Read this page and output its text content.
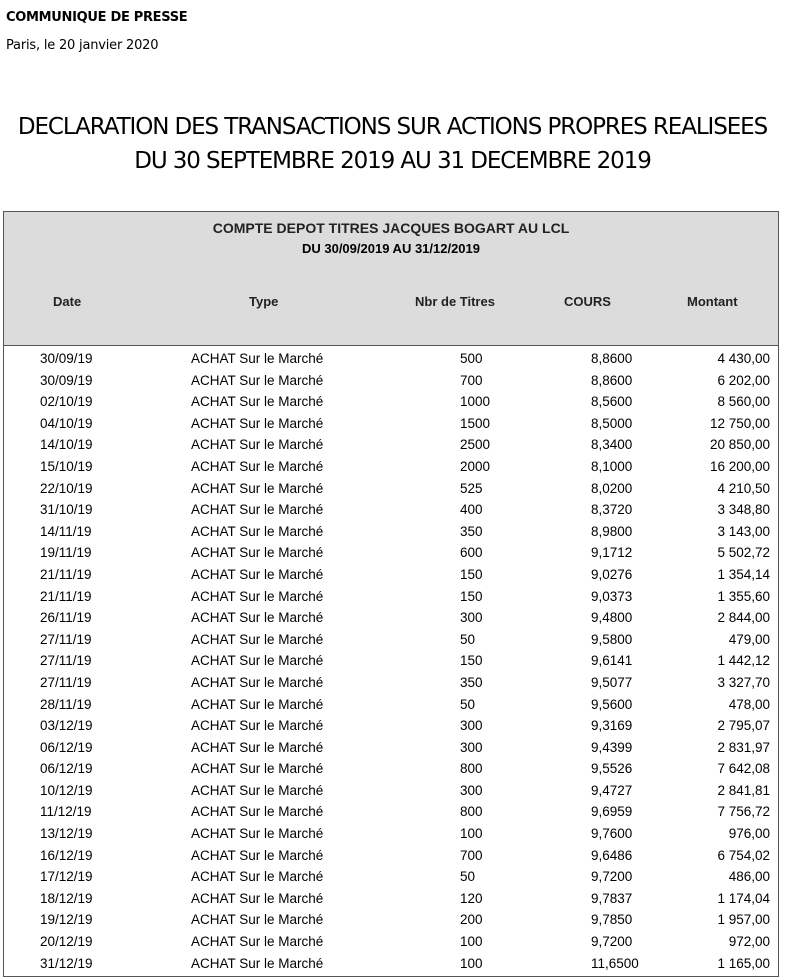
COMMUNIQUE DE PRESSE
Paris, le 20 janvier 2020
DECLARATION DES TRANSACTIONS SUR ACTIONS PROPRES REALISEES
DU 30 SEPTEMBRE 2019 AU 31 DECEMBRE 2019
COMPTE DEPOT TITRES JACQUES BOGART AU LCL
DU 30/09/2019 AU 31/12/2019
Date	Type	Nbr de Titres	COURS	Montant
30/09/19	ACHAT Sur le Marché	500	8,8600	4 430,00
30/09/19	ACHAT Sur le Marché	700	8,8600	6 202,00
02/10/19	ACHAT Sur le Marché	1000	8,5600	8 560,00
04/10/19	ACHAT Sur le Marché	1500	8,5000	12 750,00
14/10/19	ACHAT Sur le Marché	2500	8,3400	20 850,00
15/10/19	ACHAT Sur le Marché	2000	8,1000	16 200,00
22/10/19	ACHAT Sur le Marché	525	8,0200	4 210,50
31/10/19	ACHAT Sur le Marché	400	8,3720	3 348,80
14/11/19	ACHAT Sur le Marché	350	8,9800	3 143,00
19/11/19	ACHAT Sur le Marché	600	9,1712	5 502,72
21/11/19	ACHAT Sur le Marché	150	9,0276	1 354,14
21/11/19	ACHAT Sur le Marché	150	9,0373	1 355,60
26/11/19	ACHAT Sur le Marché	300	9,4800	2 844,00
27/11/19	ACHAT Sur le Marché	50	9,5800	479,00
27/11/19	ACHAT Sur le Marché	150	9,6141	1 442,12
27/11/19	ACHAT Sur le Marché	350	9,5077	3 327,70
28/11/19	ACHAT Sur le Marché	50	9,5600	478,00
03/12/19	ACHAT Sur le Marché	300	9,3169	2 795,07
06/12/19	ACHAT Sur le Marché	300	9,4399	2 831,97
06/12/19	ACHAT Sur le Marché	800	9,5526	7 642,08
10/12/19	ACHAT Sur le Marché	300	9,4727	2 841,81
11/12/19	ACHAT Sur le Marché	800	9,6959	7 756,72
13/12/19	ACHAT Sur le Marché	100	9,7600	976,00
16/12/19	ACHAT Sur le Marché	700	9,6486	6 754,02
17/12/19	ACHAT Sur le Marché	50	9,7200	486,00
18/12/19	ACHAT Sur le Marché	120	9,7837	1 174,04
19/12/19	ACHAT Sur le Marché	200	9,7850	1 957,00
20/12/19	ACHAT Sur le Marché	100	9,7200	972,00
31/12/19	ACHAT Sur le Marché	100	11,6500	1 165,00
